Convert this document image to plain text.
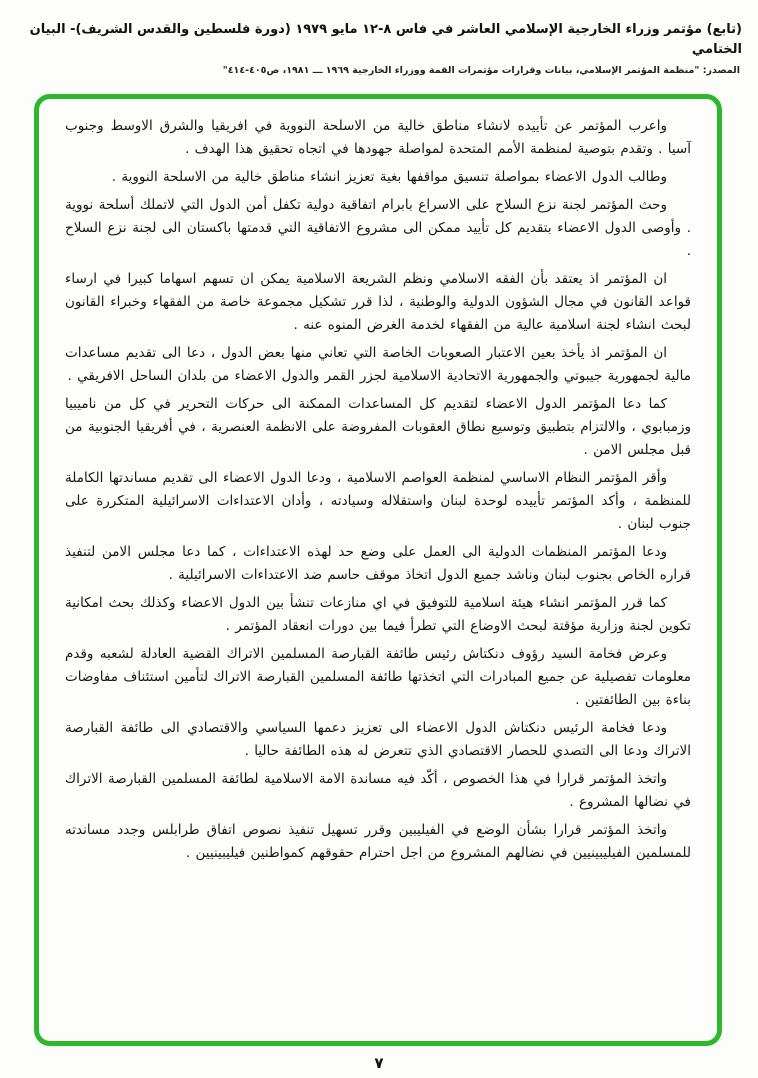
(تابع) مؤتمر وزراء الخارجية الإسلامي العاشر في فاس ٨-١٢ مايو ١٩٧٩ (دورة فلسطين والقدس الشريف)- البيان الختامي
المصدر: "منظمة المؤتمر الإسلامي، بيانات وقرارات مؤتمرات القمة ووزراء الخارجية ١٩٦٩ ـــ ١٩٨١، ص٤٠٥-٤١٤"

واعرب المؤتمر عن تأييده لانشاء مناطق خالية من الاسلحة النووية في افريقيا والشرق الاوسط وجنوب آسيا . وتقدم بتوصية لمنظمة الأمم المتحدة لمواصلة جهودها في اتجاه تحقيق هذا الهدف .

وطالب الدول الاعضاء بمواصلة تنسيق مواقفها بغية تعزيز انشاء مناطق خالية من الاسلحة النووية .

وحث المؤتمر لجنة نزع السلاح على الاسراع بابرام اتفاقية دولية تكفل أمن الدول التي لاتملك أسلحة نووية . وأوصى الدول الاعضاء بتقديم كل تأييد ممكن الى مشروع الاتفاقية التي قدمتها باكستان الى لجنة نزع السلاح .

ان المؤتمر اذ يعتقد بأن الفقه الاسلامي ونظم الشريعة الاسلامية يمكن ان تسهم اسهاما كبيرا في ارساء قواعد القانون في مجال الشؤون الدولية والوطنية ، لذا قرر تشكيل مجموعة خاصة من الفقهاء وخبراء القانون لبحث انشاء لجنة اسلامية عالية من الفقهاء لخدمة الغرض المنوه عنه .

ان المؤتمر اذ يأخذ بعين الاعتبار الصعوبات الخاصة التي تعاني منها بعض الدول ، دعا الى تقديم مساعدات مالية لجمهورية جيبوتي والجمهورية الاتحادية الاسلامية لجزر القمر والدول الاعضاء من بلدان الساحل الافريقي .

كما دعا المؤتمر الدول الاعضاء لتقديم كل المساعدات الممكنة الى حركات التحرير في كل من ناميبيا وزمبابوي ، والالتزام بتطبيق وتوسيع نطاق العقوبات المفروضة على الانظمة العنصرية ، في أفريقيا الجنوبية من قبل مجلس الامن .

وأقر المؤتمر النظام الاساسي لمنظمة العواصم الاسلامية ، ودعا الدول الاعضاء الى تقديم مساندتها الكاملة للمنظمة ، وأكد المؤتمر تأييده لوحدة لبنان واستقلاله وسيادته ، وأدان الاعتداءات الاسرائيلية المتكررة على جنوب لبنان .

ودعا المؤتمر المنظمات الدولية الى العمل على وضع حد لهذه الاعتداءات ، كما دعا مجلس الامن لتنفيذ قراره الخاص بجنوب لبنان وناشد جميع الدول اتخاذ موقف حاسم ضد الاعتداءات الاسرائيلية .

كما قرر المؤتمر انشاء هيئة اسلامية للتوفيق في اي منازعات تنشأ بين الدول الاعضاء وكذلك بحث امكانية تكوين لجنة وزارية مؤقتة لبحث الاوضاع التي تطرأ فيما بين دورات انعقاد المؤتمر .

وعرض فخامة السيد رؤوف دنكتاش رئيس طائفة القبارصة المسلمين الاتراك القضية العادلة لشعبه وقدم معلومات تفصيلية عن جميع المبادرات التي اتخذتها طائفة المسلمين القبارصة الاتراك لتأمين استئناف مفاوضات بناءة بين الطائفتين .

ودعا فخامة الرئيس دنكتاش الدول الاعضاء الى تعزيز دعمها السياسي والاقتصادي الى طائفة القبارصة الاتراك ودعا الى التصدي للحصار الاقتصادي الذي تتعرض له هذه الطائفة حاليا .

واتخذ المؤتمر قرارا في هذا الخصوص ، أكّد فيه مساندة الامة الاسلامية لطائفة المسلمين القبارصة الاتراك في نضالها المشروع .

واتخذ المؤتمر قرارا بشأن الوضع في الفيليبين وقرر تسهيل تنفيذ نصوص اتفاق طرابلس وجدد مساندته للمسلمين الفيليبينيين في نضالهم المشروع من اجل احترام حقوقهم كمواطنين فيليبينيين .

٧
